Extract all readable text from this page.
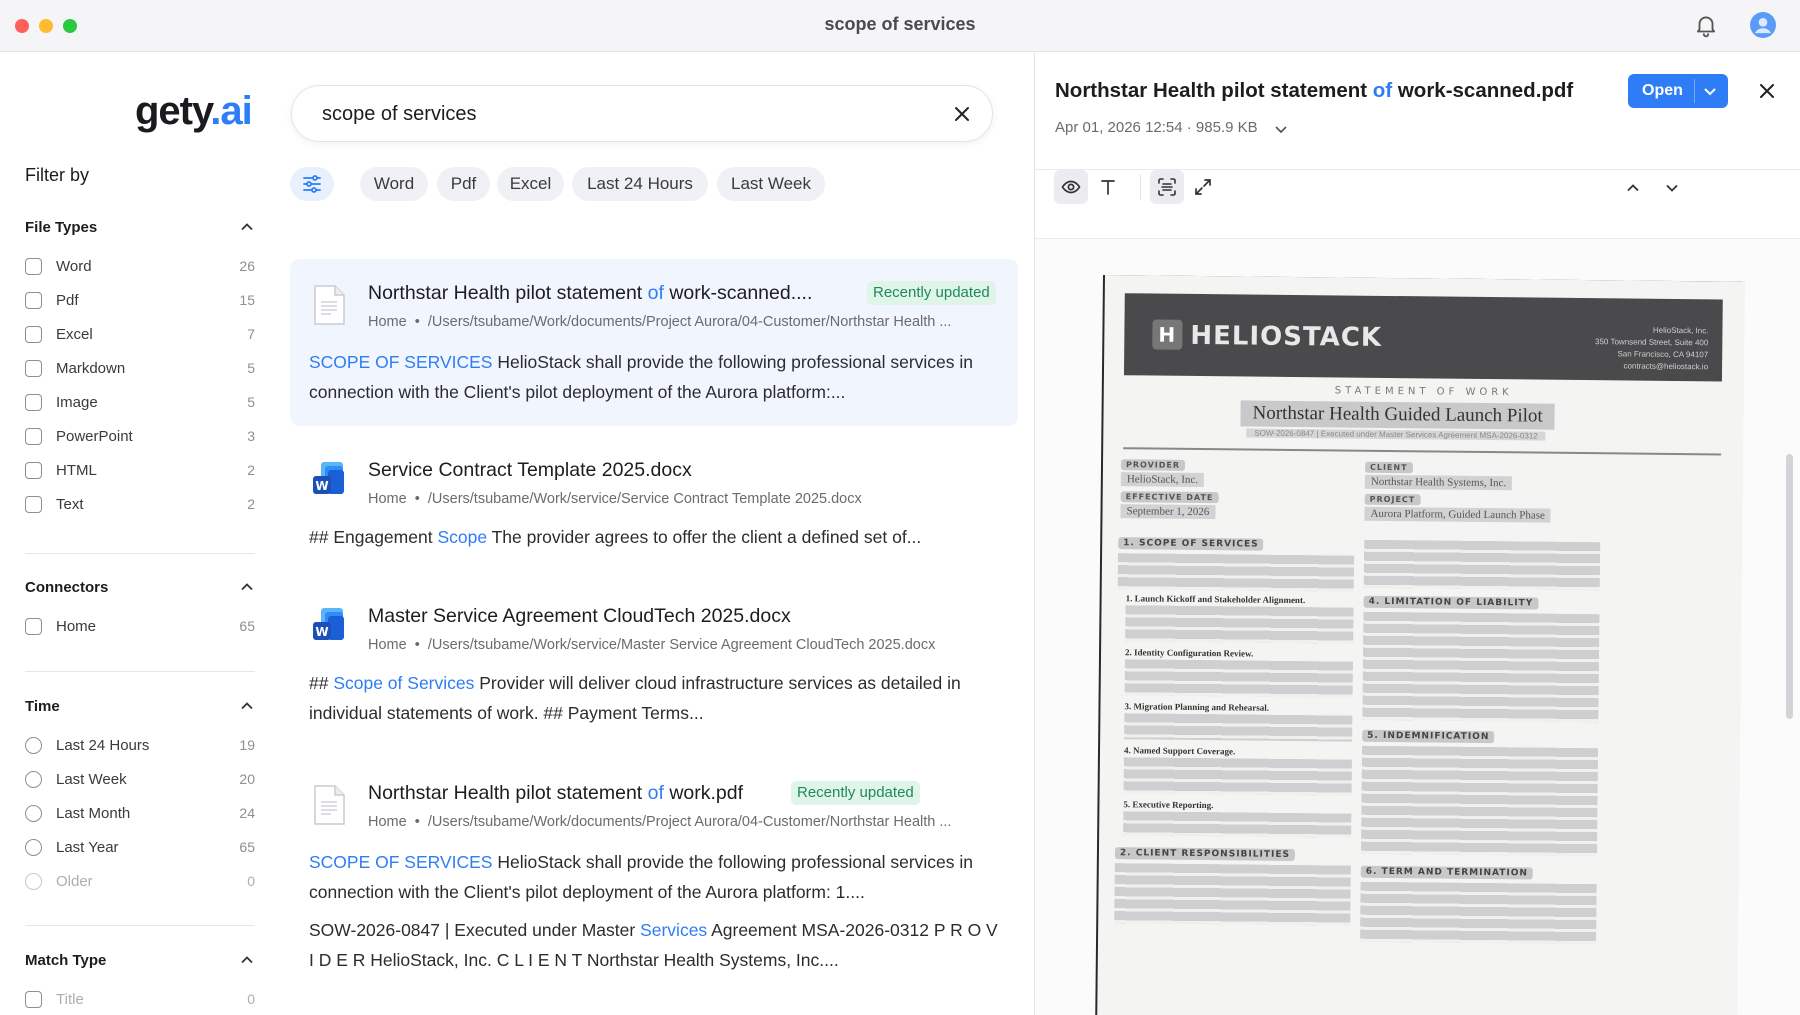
scope of services
gety.ai
Filter by
File Types
Word	26
Pdf	15
Excel	7
Markdown	5
Image	5
PowerPoint	3
HTML	2
Text	2
Connectors
Home	65
Time
Last 24 Hours	19
Last Week	20
Last Month	24
Last Year	65
Older	0
Match Type
Title	0
scope of services
Word	Pdf	Excel	Last 24 Hours	Last Week
Northstar Health pilot statement of work-scanned....	Recently updated
Home • /Users/tsubame/Work/documents/Project Aurora/04-Customer/Northstar Health ...
SCOPE OF SERVICES HelioStack shall provide the following professional services in connection with the Client's pilot deployment of the Aurora platform:...
W
Service Contract Template 2025.docx
Home • /Users/tsubame/Work/service/Service Contract Template 2025.docx
## Engagement Scope The provider agrees to offer the client a defined set of...
W
Master Service Agreement CloudTech 2025.docx
Home • /Users/tsubame/Work/service/Master Service Agreement CloudTech 2025.docx
## Scope of Services Provider will deliver cloud infrastructure services as detailed in individual statements of work. ## Payment Terms...
Northstar Health pilot statement of work.pdf	Recently updated
Home • /Users/tsubame/Work/documents/Project Aurora/04-Customer/Northstar Health ...
SCOPE OF SERVICES HelioStack shall provide the following professional services in connection with the Client's pilot deployment of the Aurora platform: 1....
SOW-2026-0847 | Executed under Master Services Agreement MSA-2026-0312 P R O V I D E R HelioStack, Inc. C L I E N T Northstar Health Systems, Inc....
Northstar Health pilot statement of work-scanned.pdf
Apr 01, 2026 12:54 · 985.9 KB
Open
H HELIOSTACK	HelioStack, Inc.
350 Townsend Street, Suite 400
San Francisco, CA 94107
contracts@heliostack.io
STATEMENT OF WORK
Northstar Health Guided Launch Pilot
SOW-2026-0847 | Executed under Master Services Agreement MSA-2026-0312
PROVIDER
HelioStack, Inc.
EFFECTIVE DATE
September 1, 2026
CLIENT
Northstar Health Systems, Inc.
PROJECT
Aurora Platform, Guided Launch Phase
1. SCOPE OF SERVICES
1. Launch Kickoff and Stakeholder Alignment.
2. Identity Configuration Review.
3. Migration Planning and Rehearsal.
4. Named Support Coverage.
5. Executive Reporting.
2. CLIENT RESPONSIBILITIES
4. LIMITATION OF LIABILITY
5. INDEMNIFICATION
6. TERM AND TERMINATION
